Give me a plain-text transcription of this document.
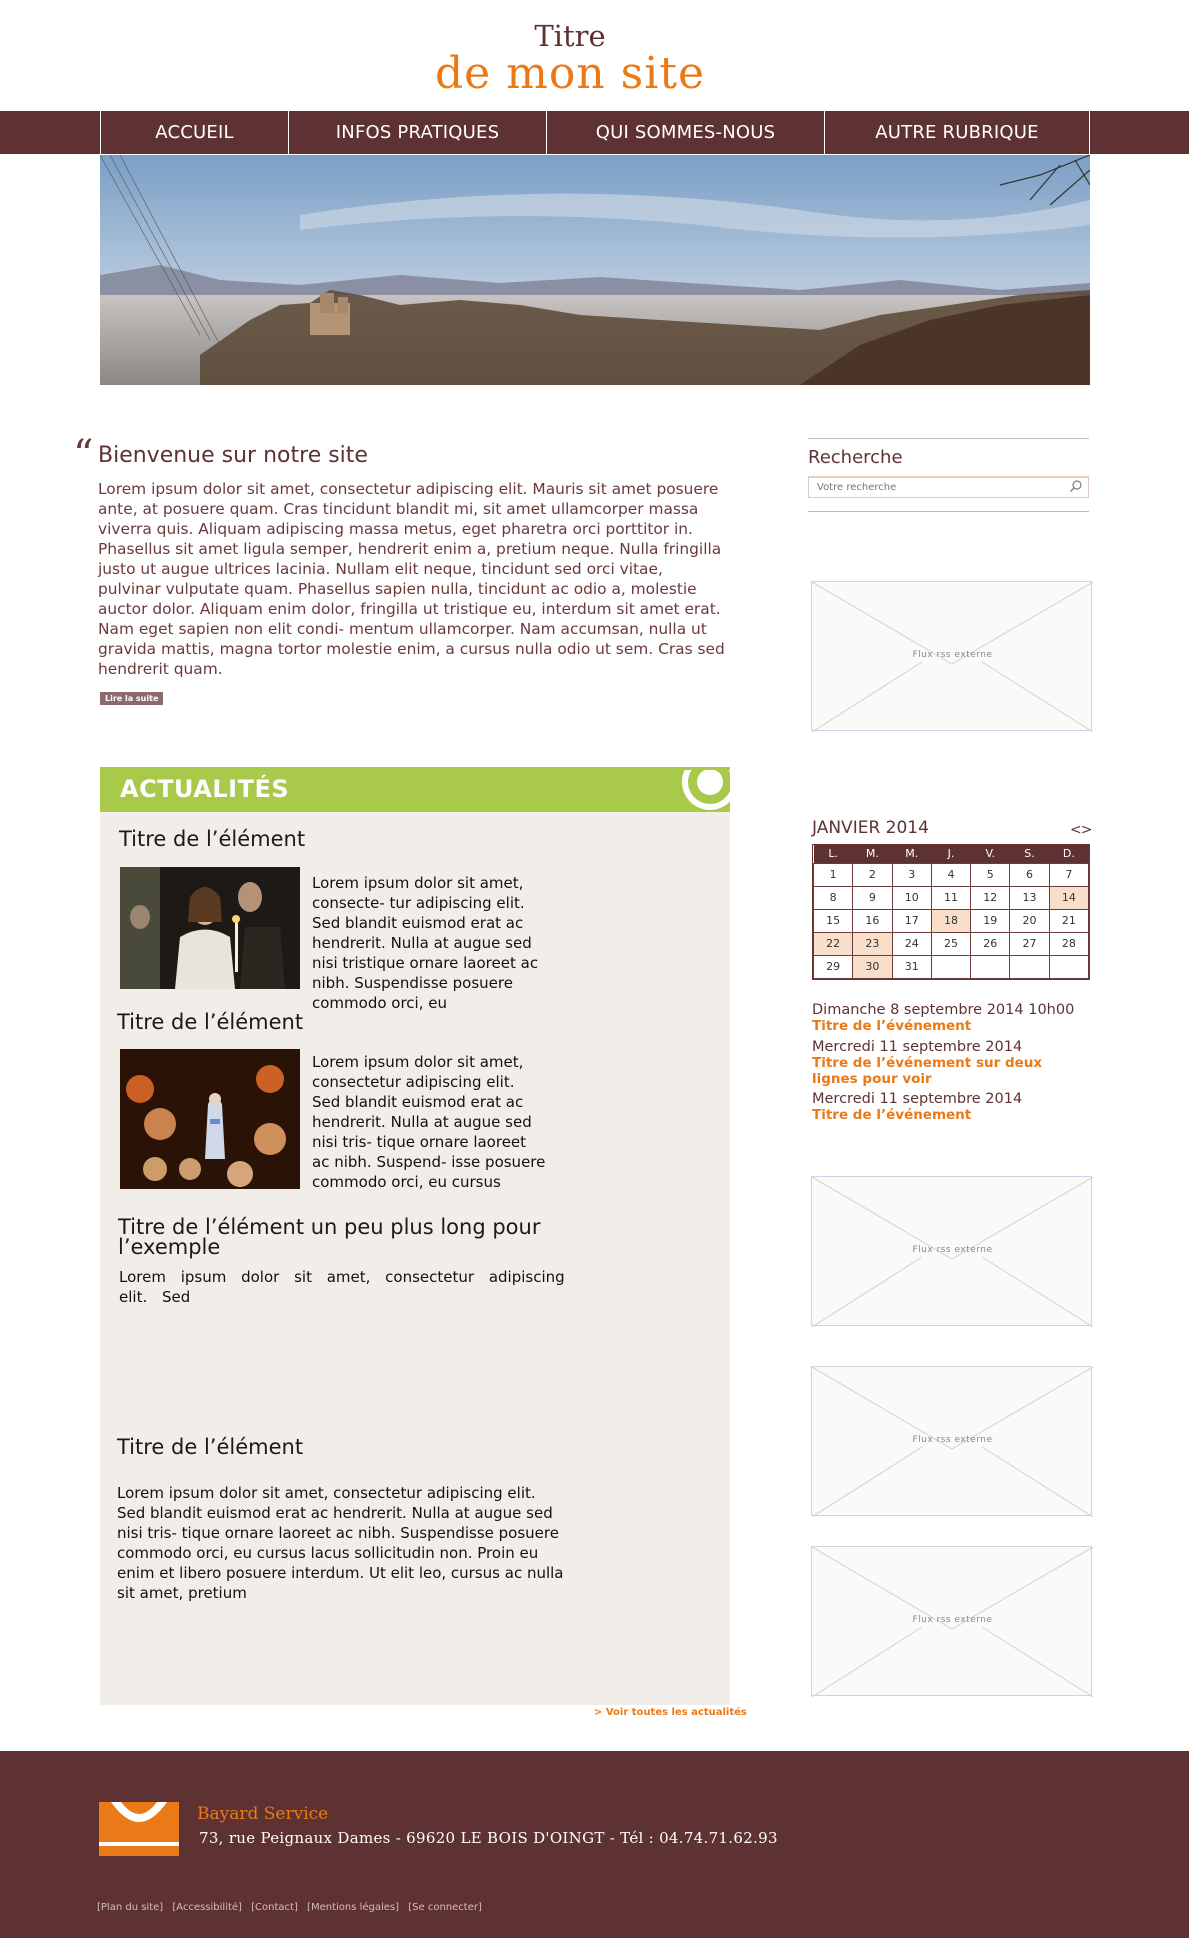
Titre
de mon site
ACCUEIL	INFOS PRATIQUES	QUI SOMMES-NOUS	AUTRE RUBRIQUE
“ Bienvenue sur notre site
Lorem ipsum dolor sit amet, consectetur adipiscing elit. Mauris sit amet posuere ante, at posuere quam. Cras tincidunt blandit mi, sit amet ullamcorper massa viverra quis. Aliquam adipiscing massa metus, eget pharetra orci porttitor in. Phasellus sit amet ligula semper, hendrerit enim a, pretium neque. Nulla fringilla justo ut augue ultrices lacinia. Nullam elit neque, tincidunt sed orci vitae, pulvinar vulputate quam. Phasellus sapien nulla, tincidunt ac odio a, molestie auctor dolor. Aliquam enim dolor, fringilla ut tristique eu, interdum sit amet erat. Nam eget sapien non elit condi- mentum ullamcorper. Nam accumsan, nulla ut gravida mattis, magna tortor molestie enim, a cursus nulla odio ut sem. Cras sed hendrerit quam.
Lire la suite
ACTUALITÉS
Titre de l’élément
Lorem ipsum dolor sit amet, consecte- tur adipiscing elit. Sed blandit euismod erat ac hendrerit. Nulla at augue sed nisi tristique ornare laoreet ac nibh. Suspendisse posuere commodo orci, eu
Titre de l’élément
Lorem ipsum dolor sit amet, consectetur adipiscing elit. Sed blandit euismod erat ac hendrerit. Nulla at augue sed nisi tris- tique ornare laoreet ac nibh. Suspend- isse posuere commodo orci, eu cursus
Titre de l’élément un peu plus long pour l’exemple
Lorem ipsum dolor sit amet, consectetur adipiscing elit. Sed
Titre de l’élément
Lorem ipsum dolor sit amet, consectetur adipiscing elit. Sed blandit euismod erat ac hendrerit. Nulla at augue sed nisi tris- tique ornare laoreet ac nibh. Suspendisse posuere commodo orci, eu cursus lacus sollicitudin non. Proin eu enim et libero posuere interdum. Ut elit leo, cursus ac nulla sit amet, pretium
> Voir toutes les actualités
Recherche
Votre recherche
Flux rss externe
JANVIER 2014	<>
L.	M.	M.	J.	V.	S.	D.
1	2	3	4	5	6	7
8	9	10	11	12	13	14
15	16	17	18	19	20	21
22	23	24	25	26	27	28
29	30	31				
Dimanche 8 septembre 2014 10h00
Titre de l’événement
Mercredi 11 septembre 2014
Titre de l’événement sur deux lignes pour voir
Mercredi 11 septembre 2014
Titre de l’événement
Flux rss externe
Flux rss externe
Flux rss externe
Bayard Service
73, rue Peignaux Dames - 69620 LE BOIS D'OINGT - Tél : 04.74.71.62.93
[Plan du site] [Accessibilité] [Contact] [Mentions légales] [Se connecter]
